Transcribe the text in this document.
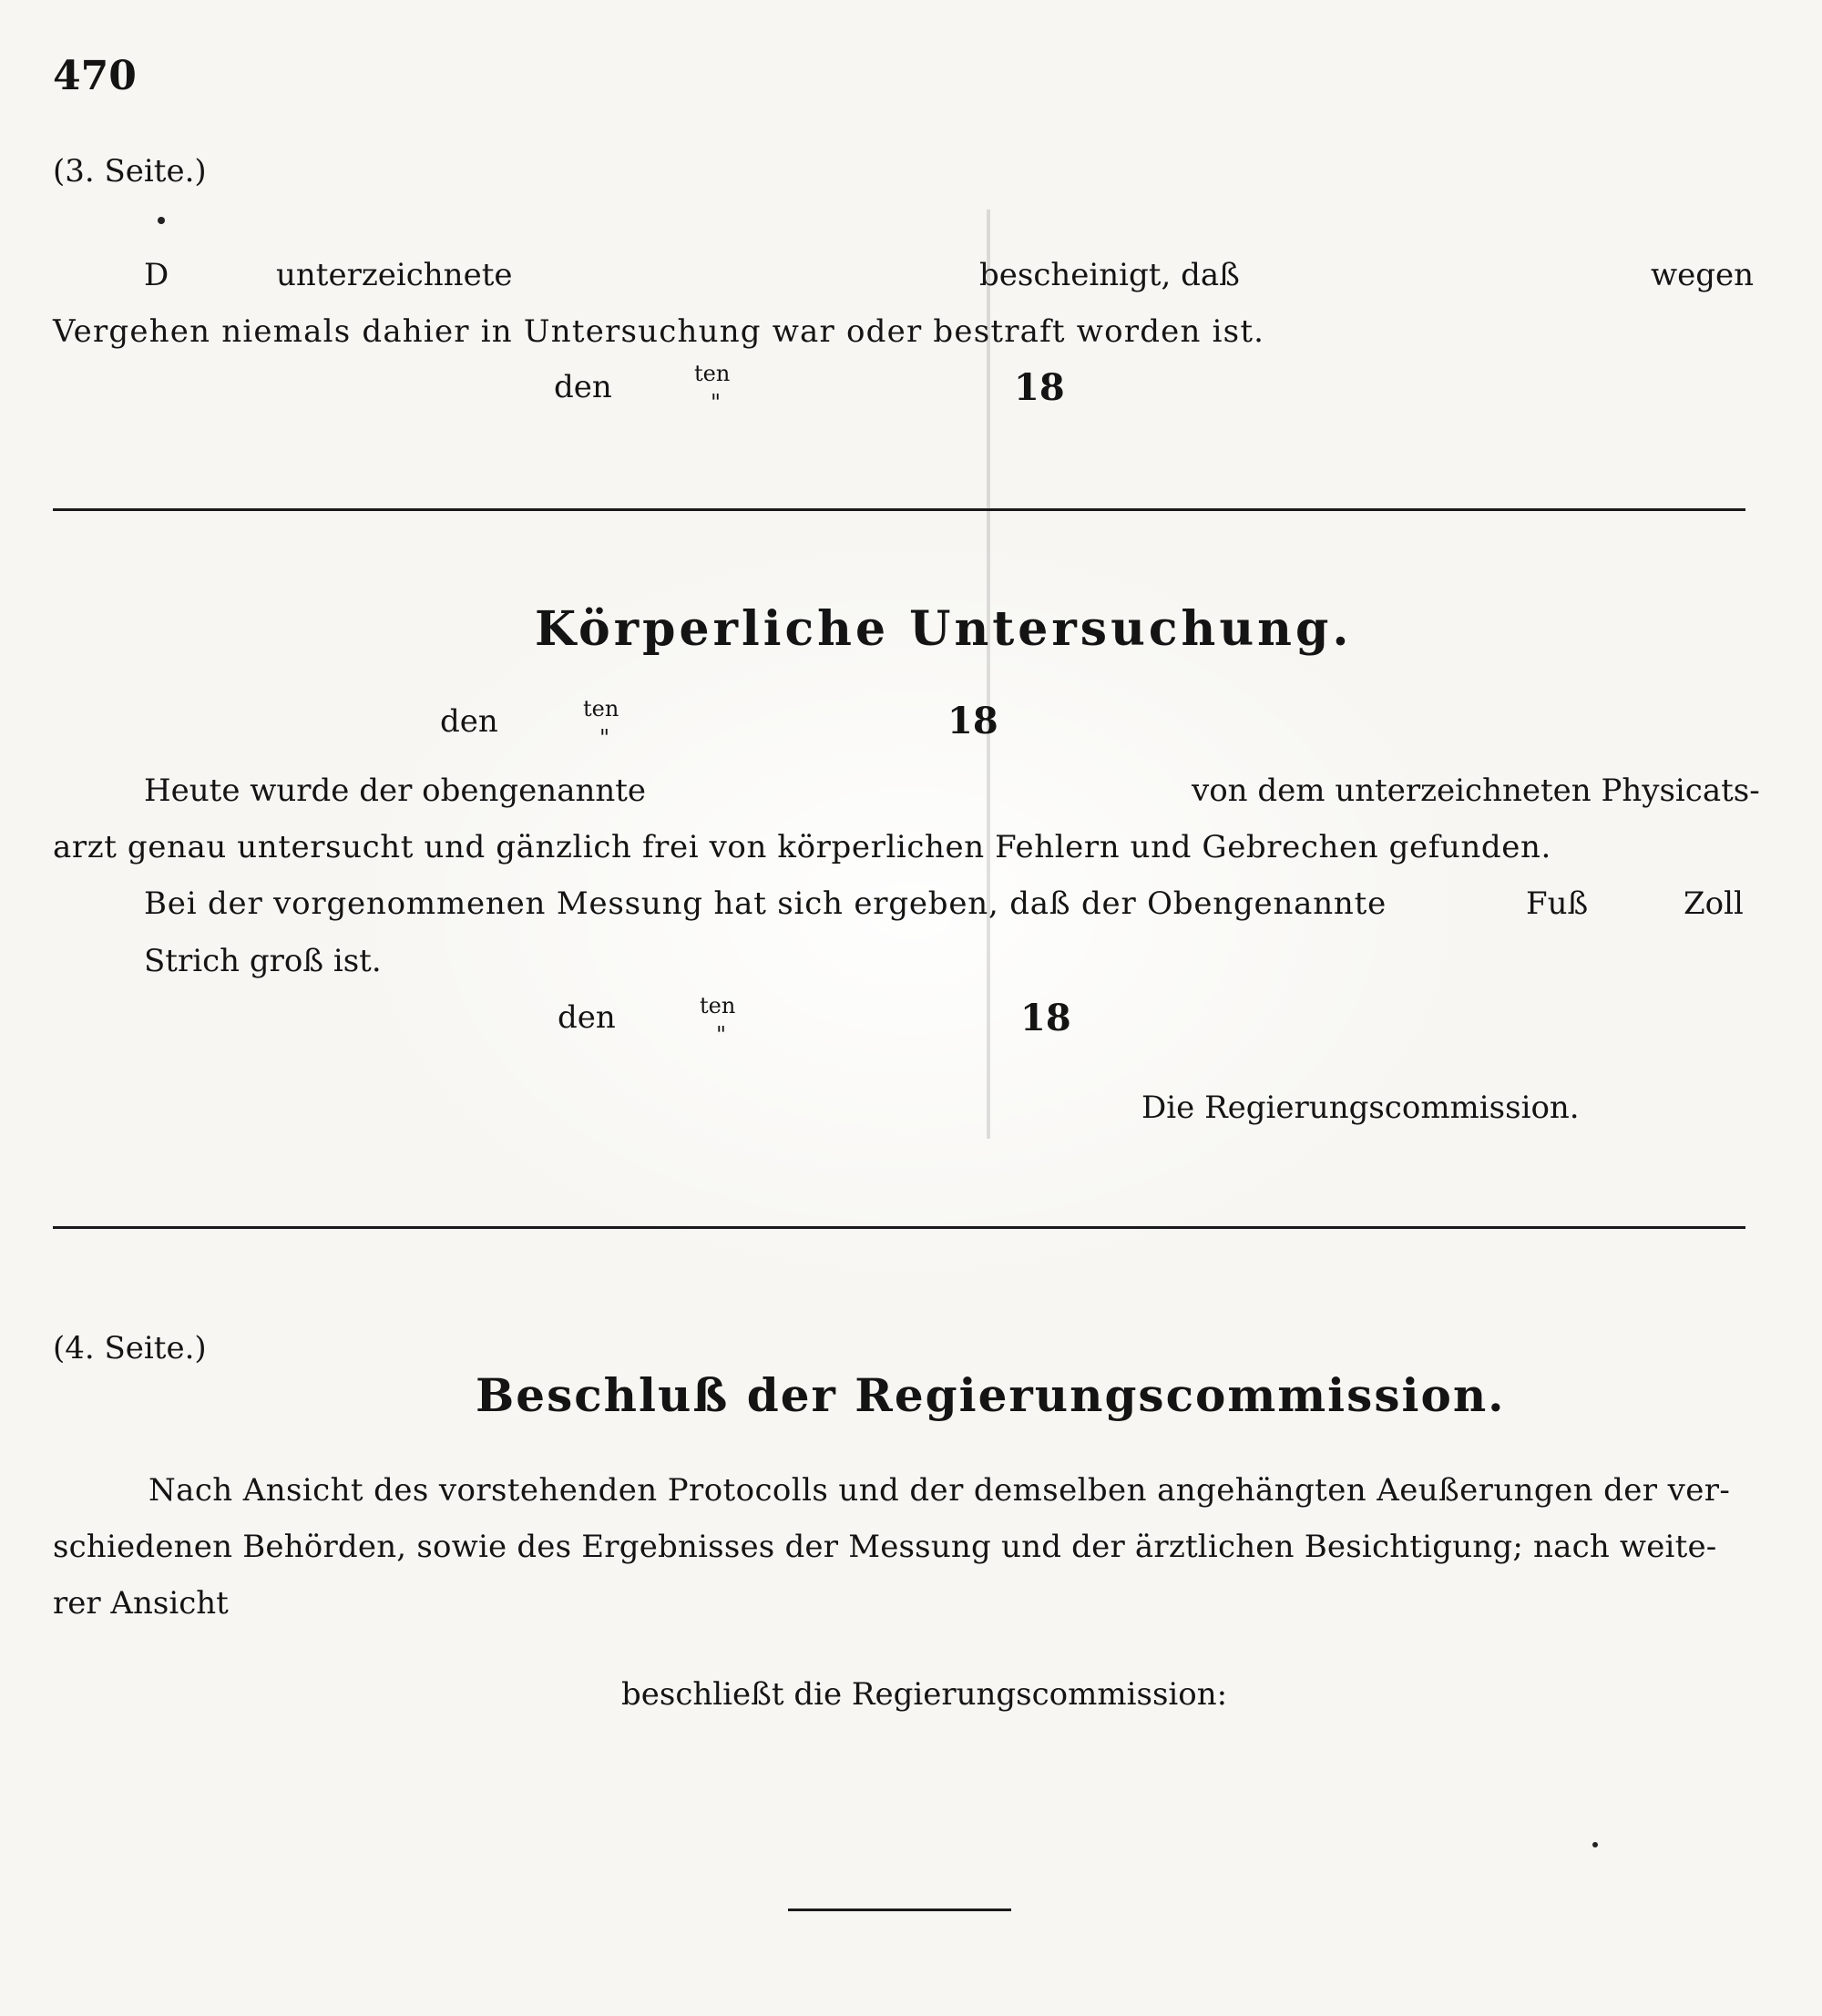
470
(3. Seite.)
D	unterzeichnete	bescheinigt, daß	wegen
Vergehen niemals dahier in Untersuchung war oder bestraft worden ist.
den	ten
"	18
Körperliche Untersuchung.
den	ten
"	18
Heute wurde der obengenannte	von dem unterzeichneten Physicats-
arzt genau untersucht und gänzlich frei von körperlichen Fehlern und Gebrechen gefunden.
Bei der vorgenommenen Messung hat sich ergeben, daß der Obengenannte	Fuß	Zoll
Strich groß ist.
den	ten
"	18
Die Regierungscommission.
(4. Seite.)
Beschluß der Regierungscommission.
Nach Ansicht des vorstehenden Protocolls und der demselben angehängten Aeußerungen der ver-
schiedenen Behörden, sowie des Ergebnisses der Messung und der ärztlichen Besichtigung; nach weite-
rer Ansicht
beschließt die Regierungscommission:
